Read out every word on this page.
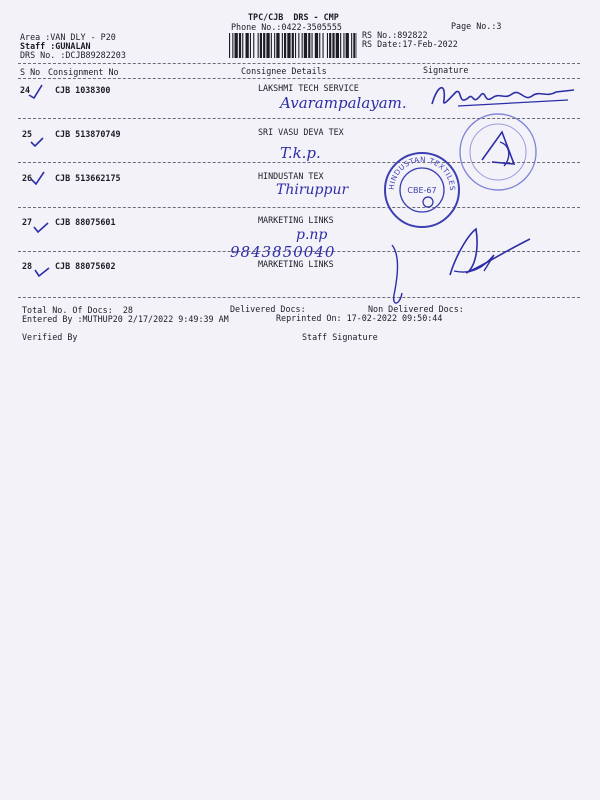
TPC/CJB  DRS - CMP
Phone No.:0422-3505555	Page No.:3
Area :VAN DLY - P20
Staff :GUNALAN
DRS No. :DCJB89282203
RS No.:892822
RS Date:17-Feb-2022
S No Consignment No	Consignee Details	Signature
24	CJB 1038300	LAKSHMI TECH SERVICE
Avarampalayam.
25	CJB 513870749	SRI VASU DEVA TEX
T.k.p.
26	CJB 513662175	HINDUSTAN TEX
Thiruppur
27	CJB 88075601	MARKETING LINKS
p.np
28	CJB 88075602	MARKETING LINKS
9843850040
HINDUSTAN TEXTILES
CBE-67
Total No. Of Docs:  28	Delivered Docs:	Non Delivered Docs:
Entered By :MUTHUP20 2/17/2022 9:49:39 AM	Reprinted On: 17-02-2022 09:50:44
Verified By	Staff Signature
